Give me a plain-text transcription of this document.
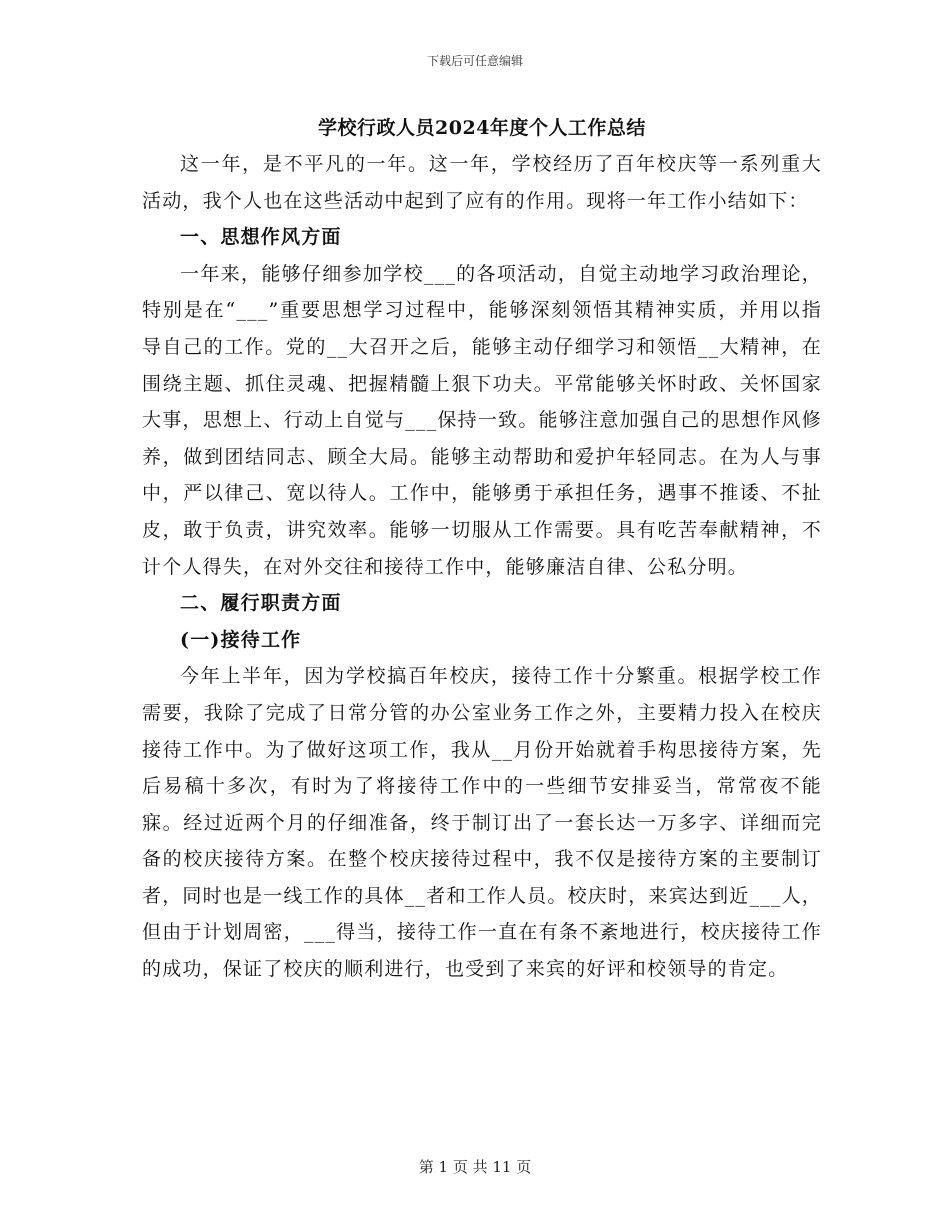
下载后可任意编辑
学校行政人员2024年度个人工作总结

这一年，是不平凡的一年。这一年，学校经历了百年校庆等一系列重大活动，我个人也在这些活动中起到了应有的作用。现将一年工作小结如下：

一、思想作风方面

一年来，能够仔细参加学校___的各项活动，自觉主动地学习政治理论，特别是在“___”重要思想学习过程中，能够深刻领悟其精神实质，并用以指导自己的工作。党的__大召开之后，能够主动仔细学习和领悟__大精神，在围绕主题、抓住灵魂、把握精髓上狠下功夫。平常能够关怀时政、关怀国家大事，思想上、行动上自觉与___保持一致。能够注意加强自己的思想作风修养，做到团结同志、顾全大局。能够主动帮助和爱护年轻同志。在为人与事中，严以律己、宽以待人。工作中，能够勇于承担任务，遇事不推诿、不扯皮，敢于负责，讲究效率。能够一切服从工作需要。具有吃苦奉献精神，不计个人得失，在对外交往和接待工作中，能够廉洁自律、公私分明。

二、履行职责方面

(一)接待工作

今年上半年，因为学校搞百年校庆，接待工作十分繁重。根据学校工作需要，我除了完成了日常分管的办公室业务工作之外，主要精力投入在校庆接待工作中。为了做好这项工作，我从__月份开始就着手构思接待方案，先后易稿十多次，有时为了将接待工作中的一些细节安排妥当，常常夜不能寐。经过近两个月的仔细准备，终于制订出了一套长达一万多字、详细而完备的校庆接待方案。在整个校庆接待过程中，我不仅是接待方案的主要制订者，同时也是一线工作的具体__者和工作人员。校庆时，来宾达到近___人，但由于计划周密，___得当，接待工作一直在有条不紊地进行，校庆接待工作的成功，保证了校庆的顺利进行，也受到了来宾的好评和校领导的肯定。

第 1 页 共 11 页
